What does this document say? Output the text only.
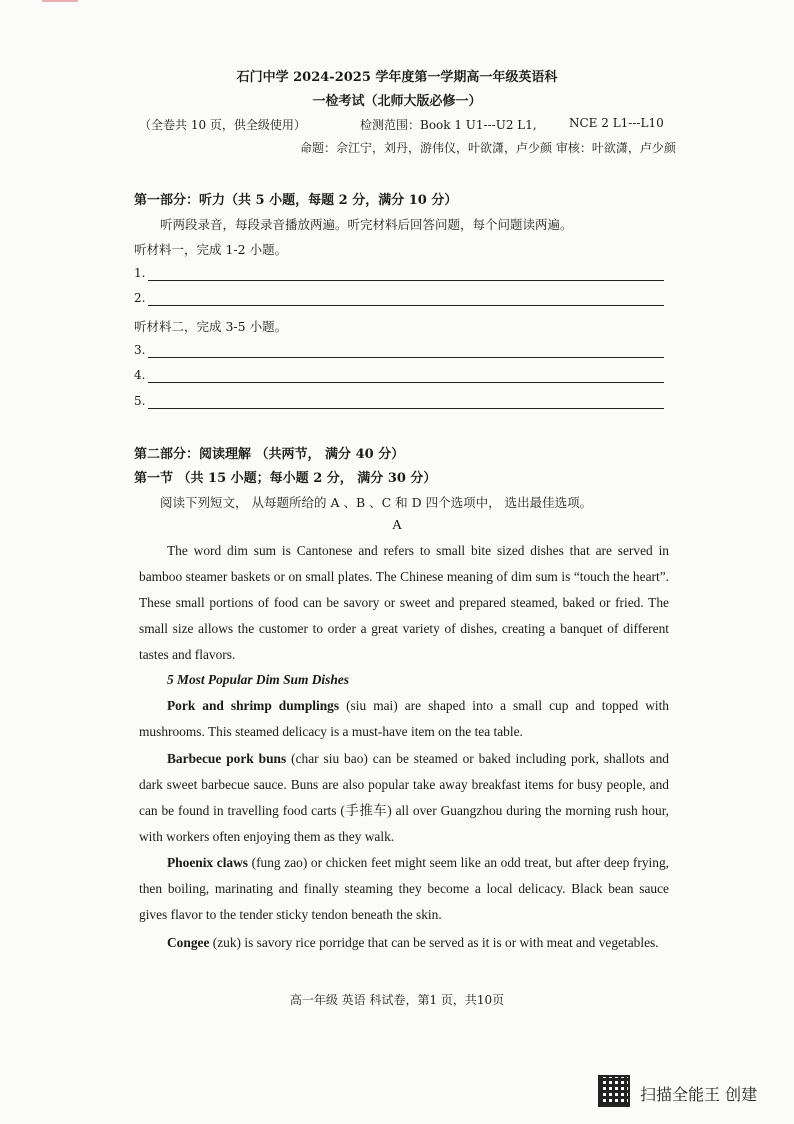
石门中学 2024-2025 学年度第一学期高一年级英语科
一检考试（北师大版必修一）
（全卷共 10 页，供全级使用）	检测范围：Book 1 U1---U2 L1,	NCE 2 L1---L10
命题：佘江宁，刘丹，游伟仪，叶欲潇，卢少颜 审核：叶欲潇，卢少颜
第一部分：听力（共 5 小题，每题 2 分，满分 10 分）
听两段录音，每段录音播放两遍。听完材料后回答问题，每个问题读两遍。
听材料一，完成 1-2 小题。
1.
2.
听材料二，完成 3-5 小题。
3.
4.
5.
第二部分：阅读理解 （共两节， 满分 40 分）
第一节 （共 15 小题；每小题 2 分， 满分 30 分）
阅读下列短文， 从每题所给的 A 、B 、C 和 D 四个选项中， 选出最佳选项。
A
The word dim sum is Cantonese and refers to small bite sized dishes that are served in bamboo steamer baskets or on small plates. The Chinese meaning of dim sum is “touch the heart”. These small portions of food can be savory or sweet and prepared steamed, baked or fried. The small size allows the customer to order a great variety of dishes, creating a banquet of different tastes and flavors.
5 Most Popular Dim Sum Dishes
Pork and shrimp dumplings (siu mai) are shaped into a small cup and topped with mushrooms. This steamed delicacy is a must-have item on the tea table.
Barbecue pork buns (char siu bao) can be steamed or baked including pork, shallots and dark sweet barbecue sauce. Buns are also popular take away breakfast items for busy people, and can be found in travelling food carts (手推车) all over Guangzhou during the morning rush hour, with workers often enjoying them as they walk.
Phoenix claws (fung zao) or chicken feet might seem like an odd treat, but after deep frying, then boiling, marinating and finally steaming they become a local delicacy. Black bean sauce gives flavor to the tender sticky tendon beneath the skin.
Congee (zuk) is savory rice porridge that can be served as it is or with meat and vegetables.
高一年级 英语 科试卷，第1 页，共10页
扫描全能王 创建
